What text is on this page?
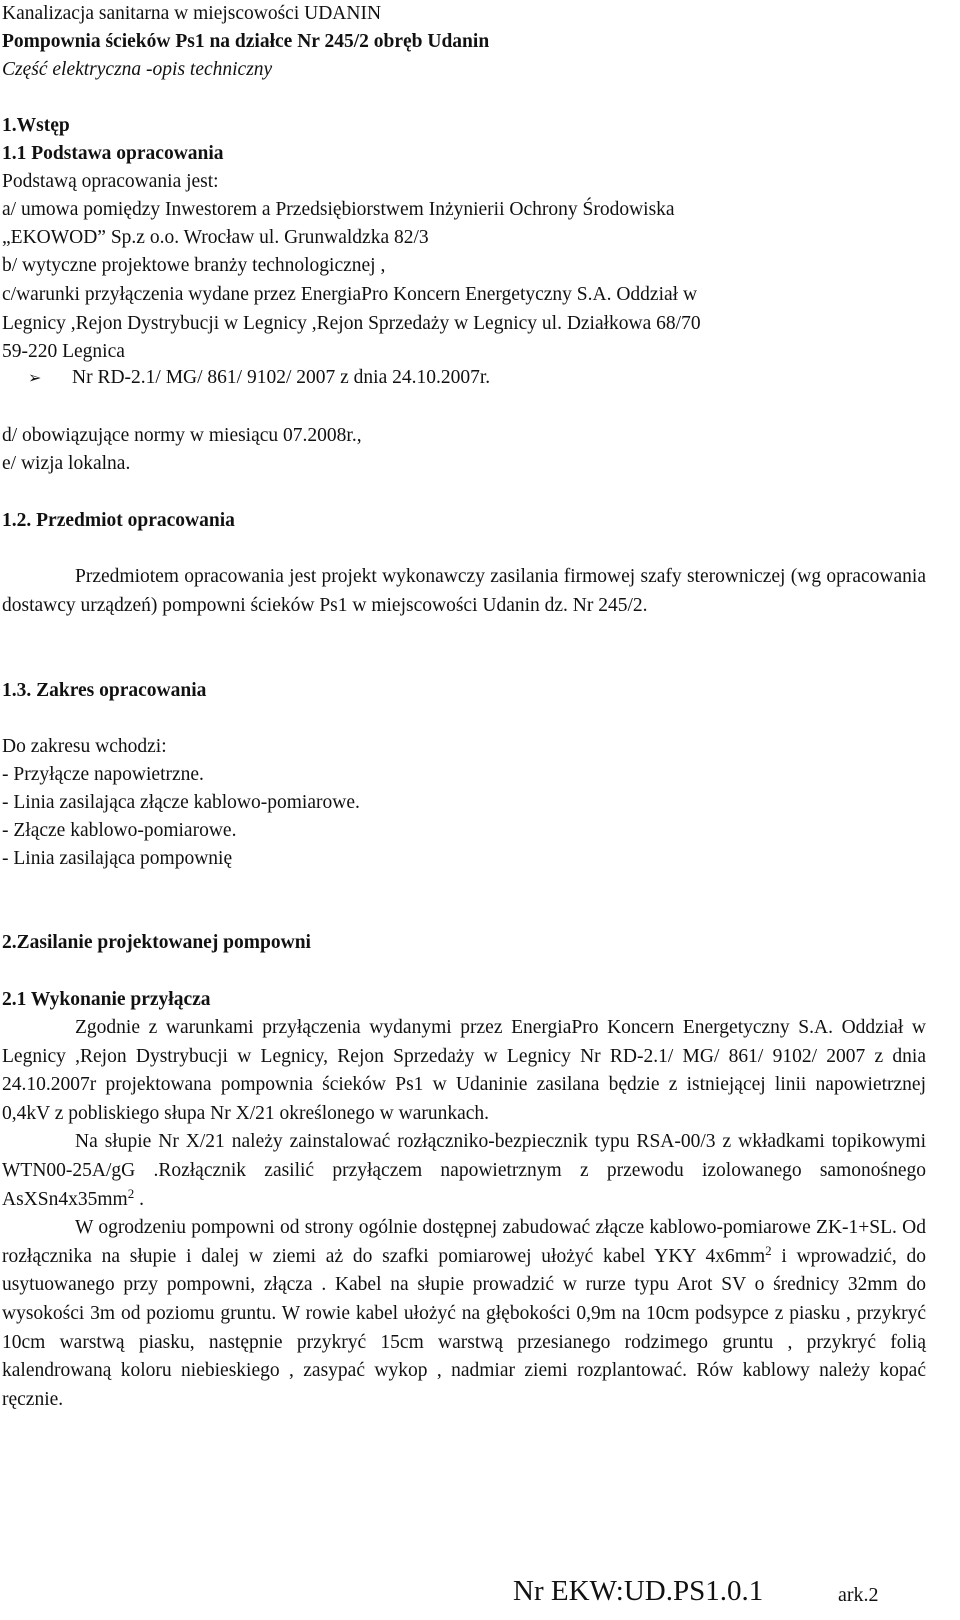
Kanalizacja sanitarna w miejscowości UDANIN
Pompownia ścieków Ps1 na działce Nr 245/2 obręb Udanin
Część elektryczna -opis techniczny
1.Wstęp
1.1 Podstawa opracowania
Podstawą opracowania jest:
a/ umowa pomiędzy Inwestorem a Przedsiębiorstwem Inżynierii Ochrony Środowiska
„EKOWOD” Sp.z o.o. Wrocław ul. Grunwaldzka 82/3
b/ wytyczne projektowe branży technologicznej ,
c/warunki przyłączenia wydane przez EnergiaPro Koncern Energetyczny S.A. Oddział w
Legnicy ,Rejon Dystrybucji w Legnicy ,Rejon Sprzedaży w Legnicy ul. Działkowa 68/70
59-220 Legnica
➢ Nr RD-2.1/ MG/ 861/ 9102/ 2007 z dnia 24.10.2007r.
d/ obowiązujące normy w miesiącu 07.2008r.,
e/ wizja lokalna.
1.2. Przedmiot opracowania

Przedmiotem opracowania jest projekt wykonawczy zasilania firmowej szafy sterowniczej (wg opracowania dostawcy urządzeń) pompowni ścieków Ps1 w miejscowości Udanin dz. Nr 245/2.

1.3. Zakres opracowania
Do zakresu wchodzi:
- Przyłącze napowietrzne.
- Linia zasilająca złącze kablowo-pomiarowe.
- Złącze kablowo-pomiarowe.
- Linia zasilająca pompownię
2.Zasilanie projektowanej pompowni
2.1 Wykonanie przyłącza

Zgodnie z warunkami przyłączenia wydanymi przez EnergiaPro Koncern Energetyczny S.A. Oddział w Legnicy ,Rejon Dystrybucji w Legnicy, Rejon Sprzedaży w Legnicy Nr RD-2.1/ MG/ 861/ 9102/ 2007 z dnia 24.10.2007r projektowana pompownia ścieków Ps1 w Udaninie zasilana będzie z istniejącej linii napowietrznej 0,4kV z pobliskiego słupa Nr X/21 określonego w warunkach.

Na słupie Nr X/21 należy zainstalować rozłączniko-bezpiecznik typu RSA-00/3 z wkładkami topikowymi WTN00-25A/gG .Rozłącznik zasilić przyłączem napowietrznym z przewodu izolowanego samonośnego $AsXSn4x35mm^2$ .

W ogrodzeniu pompowni od strony ogólnie dostępnej zabudować złącze kablowo-pomiarowe ZK-1+SL. Od rozłącznika na słupie i dalej w ziemi aż do szafki pomiarowej ułożyć kabel YKY $4x6mm^2$ i wprowadzić, do usytuowanego przy pompowni, złącza . Kabel na słupie prowadzić w rurze typu Arot SV o średnicy 32mm do wysokości 3m od poziomu gruntu. W rowie kabel ułożyć na głębokości 0,9m na 10cm podsypce z piasku , przykryć 10cm warstwą piasku, następnie przykryć 15cm warstwą przesianego rodzimego gruntu , przykryć folią kalendrowaną koloru niebieskiego , zasypać wykop , nadmiar ziemi rozplantować. Rów kablowy należy kopać ręcznie.

Nr EKW:UD.PS1.0.1	ark.2
